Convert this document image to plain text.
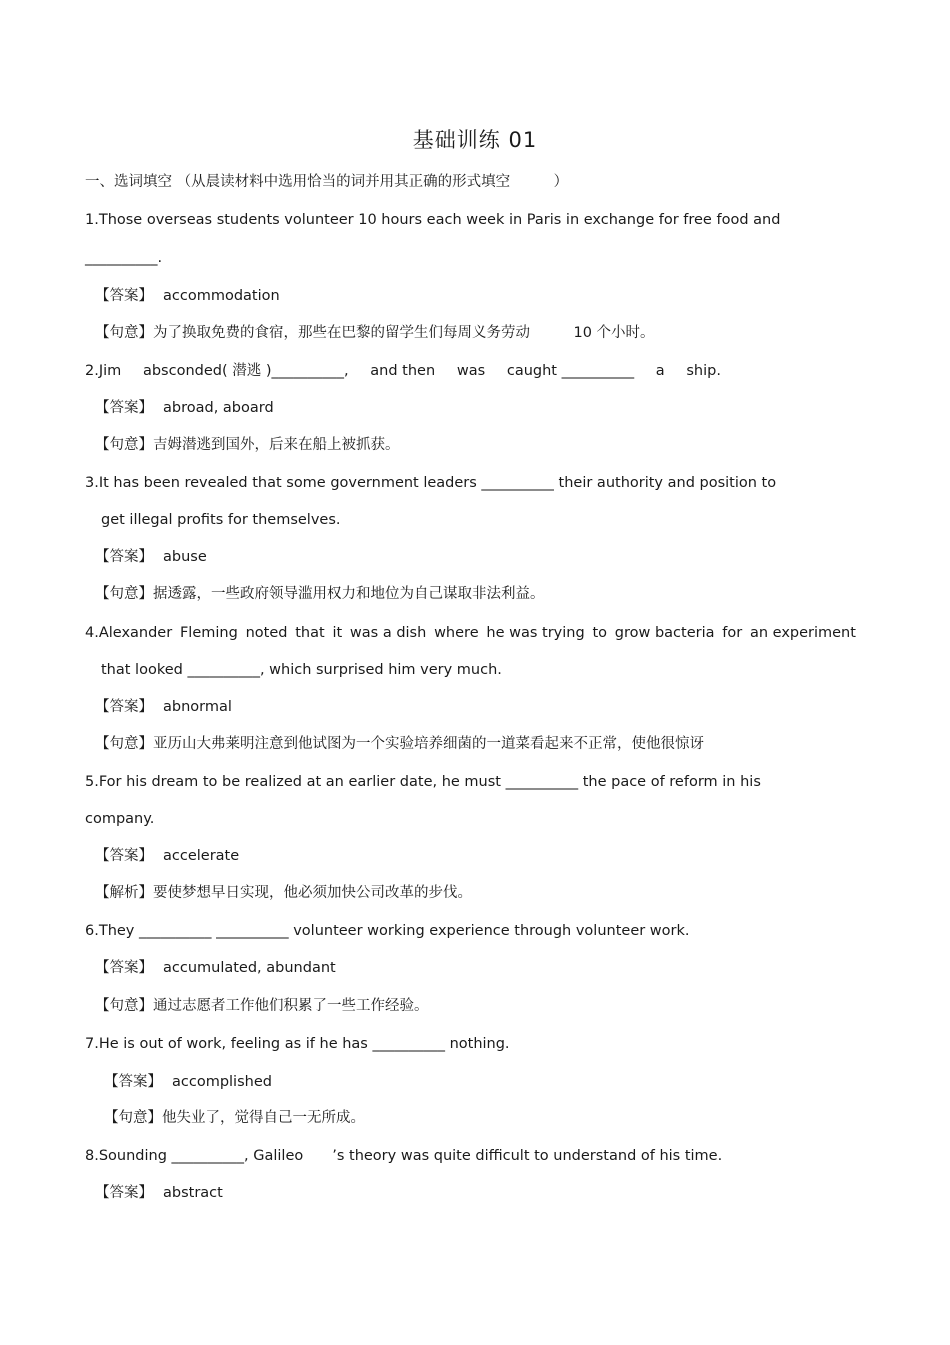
基础训练 01
一、选词填空 （从晨读材料中选用恰当的词并用其正确的形式填空　　　）
1.Those overseas students volunteer 10 hours each week in Paris in exchange for free food and
__________.
【答案】 accommodation
【句意】为了换取免费的食宿，那些在巴黎的留学生们每周义务劳动　　　10 个小时。
2.Jim absconded( 潜逃 )__________, and then was caught __________ a ship.
【答案】 abroad, aboard
【句意】吉姆潜逃到国外，后来在船上被抓获。
3.It has been revealed that some government leaders __________ their authority and position to
get illegal profits for themselves.
【答案】 abuse
【句意】据透露，一些政府领导滥用权力和地位为自己谋取非法利益。
4.Alexander Fleming noted that it was a dish where he was trying to grow bacteria for an experiment
that looked __________, which surprised him very much.
【答案】 abnormal
【句意】亚历山大弗莱明注意到他试图为一个实验培养细菌的一道菜看起来不正常，使他很惊讶
5.For his dream to be realized at an earlier date, he must __________ the pace of reform in his
company.
【答案】 accelerate
【解析】要使梦想早日实现，他必须加快公司改革的步伐。
6.They __________ __________ volunteer working experience through volunteer work.
【答案】 accumulated, abundant
【句意】通过志愿者工作他们积累了一些工作经验。
7.He is out of work, feeling as if he has __________ nothing.
【答案】 accomplished
【句意】他失业了，觉得自己一无所成。
8.Sounding __________, Galileo　　’s theory was quite difficult to understand of his time.
【答案】 abstract
